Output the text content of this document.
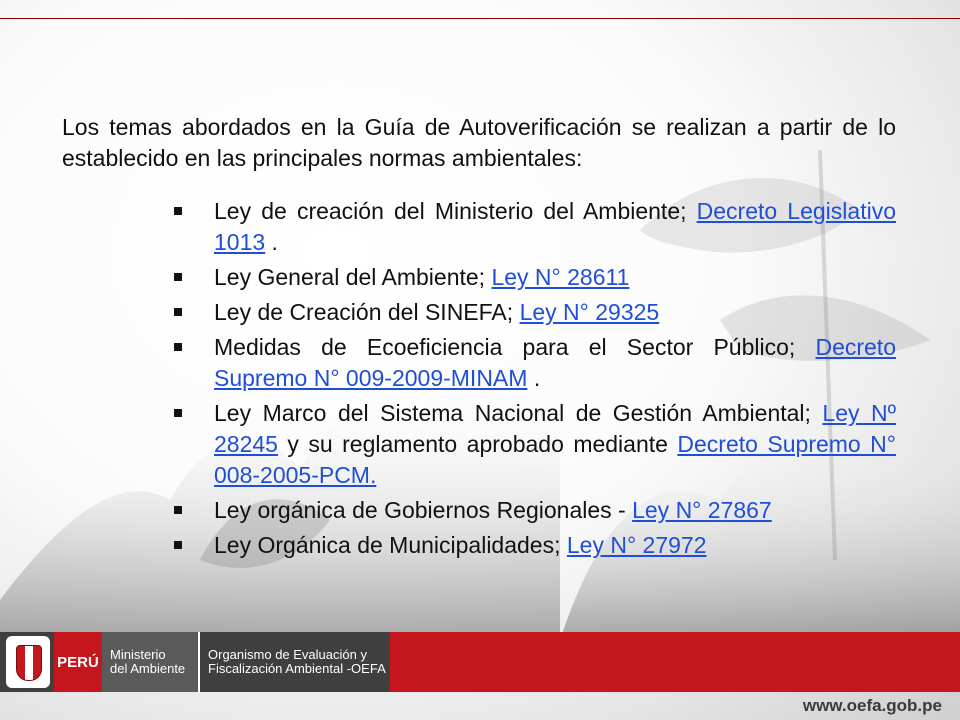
Los temas abordados en la Guía de Autoverificación se realizan a partir de lo establecido en las principales normas ambientales:

Ley de creación del Ministerio del Ambiente; Decreto Legislativo 1013 .
Ley General del Ambiente; Ley N° 28611
Ley de Creación del SINEFA; Ley N° 29325
Medidas de Ecoeficiencia para el Sector Público; Decreto Supremo N° 009-2009-MINAM .
Ley Marco del Sistema Nacional de Gestión Ambiental; Ley Nº 28245 y su reglamento aprobado mediante Decreto Supremo N° 008-2005-PCM.
Ley orgánica de Gobiernos Regionales - Ley N° 27867
Ley Orgánica de Municipalidades; Ley N° 27972
PERÚ Ministerio
del Ambiente
Organismo de Evaluación y
Fiscalización Ambiental -OEFA
www.oefa.gob.pe
